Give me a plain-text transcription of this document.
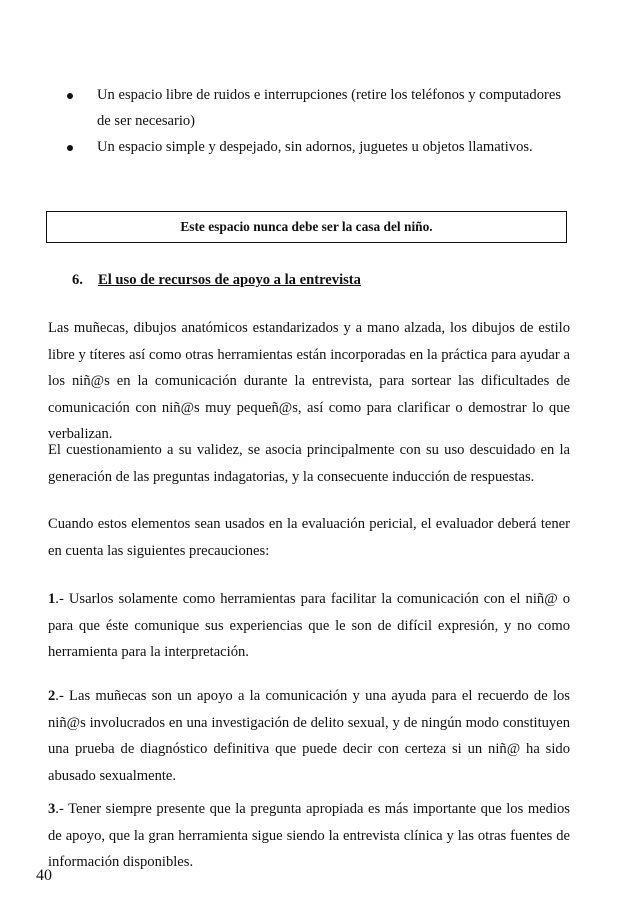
Un espacio libre de ruidos e interrupciones (retire los teléfonos y computadores de ser necesario)
Un espacio simple y despejado, sin adornos, juguetes u objetos llamativos.
Este espacio nunca debe ser la casa del niño.
6. El uso de recursos de apoyo a la entrevista

Las muñecas, dibujos anatómicos estandarizados y a mano alzada, los dibujos de estilo libre y títeres así como otras herramientas están incorporadas en la práctica para ayudar a los niñ@s en la comunicación durante la entrevista, para sortear las dificultades de comunicación con niñ@s muy pequeñ@s, así como para clarificar o demostrar lo que verbalizan.

El cuestionamiento a su validez, se asocia principalmente con su uso descuidado en la generación de las preguntas indagatorias, y la consecuente inducción de respuestas.

Cuando estos elementos sean usados en la evaluación pericial, el evaluador deberá tener en cuenta las siguientes precauciones:

1.- Usarlos solamente como herramientas para facilitar la comunicación con el niñ@ o para que éste comunique sus experiencias que le son de difícil expresión, y no como herramienta para la interpretación.

2.- Las muñecas son un apoyo a la comunicación y una ayuda para el recuerdo de los niñ@s involucrados en una investigación de delito sexual, y de ningún modo constituyen una prueba de diagnóstico definitiva que puede decir con certeza si un niñ@ ha sido abusado sexualmente.

3.- Tener siempre presente que la pregunta apropiada es más importante que los medios de apoyo, que la gran herramienta sigue siendo la entrevista clínica y las otras fuentes de información disponibles.

40
